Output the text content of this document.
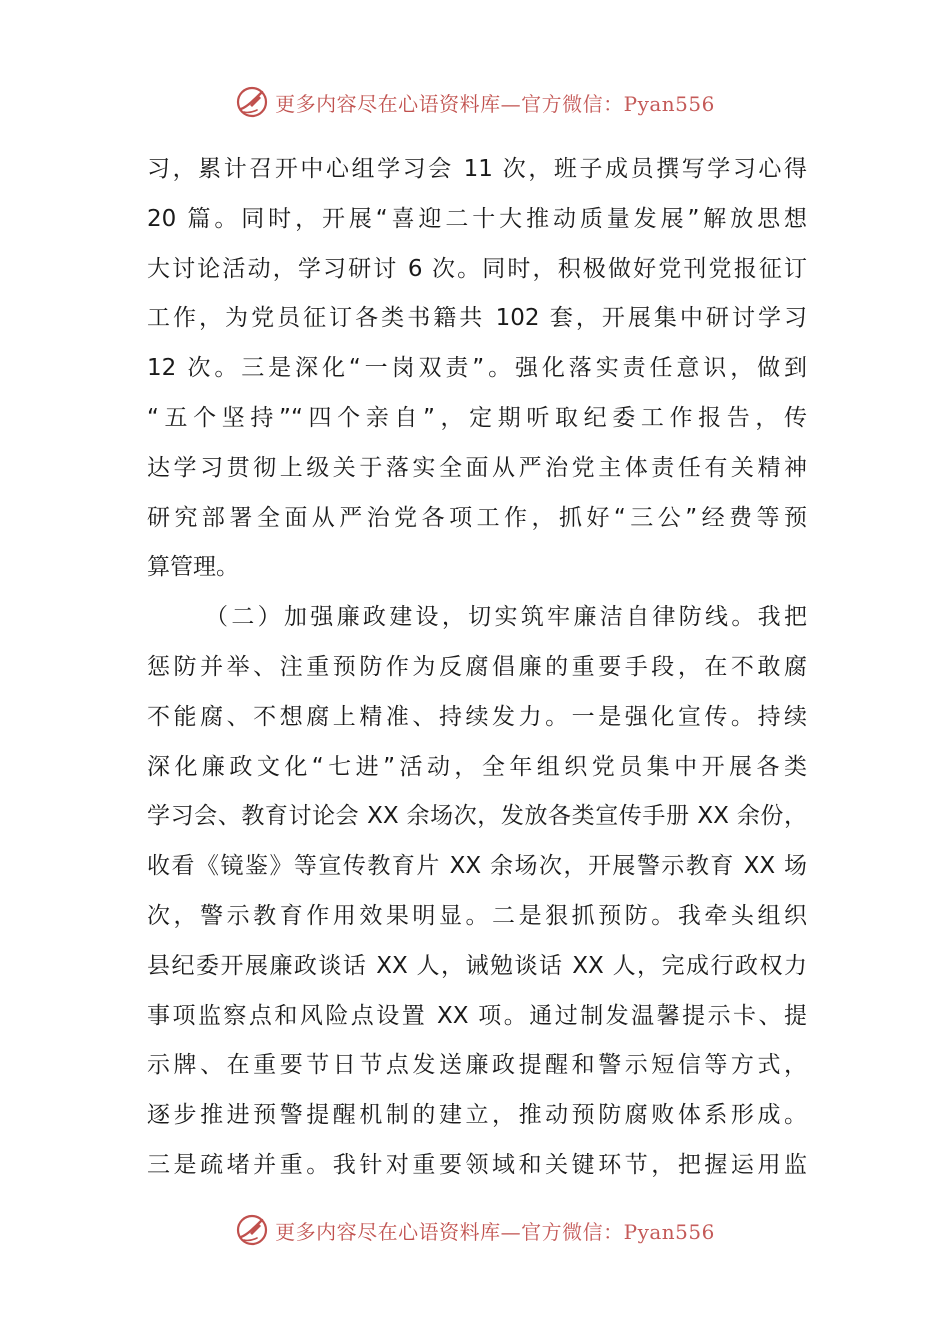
更多内容尽在心语资料库—官方微信：Pyan556
习，累计召开中心组学习会 11 次，班子成员撰写学习心得
20 篇。同时，开展“喜迎二十大推动质量发展”解放思想
大讨论活动，学习研讨 6 次。同时，积极做好党刊党报征订
工作，为党员征订各类书籍共 102 套，开展集中研讨学习
12 次。三是深化“一岗双责”。强化落实责任意识，做到
“五个坚持”“四个亲自”，定期听取纪委工作报告，传
达学习贯彻上级关于落实全面从严治党主体责任有关精神
研究部署全面从严治党各项工作，抓好“三公”经费等预
算管理。
（二）加强廉政建设，切实筑牢廉洁自律防线。我把
惩防并举、注重预防作为反腐倡廉的重要手段，在不敢腐
不能腐、不想腐上精准、持续发力。一是强化宣传。持续
深化廉政文化“七进”活动，全年组织党员集中开展各类
学习会、教育讨论会 XX 余场次，发放各类宣传手册 XX 余份，
收看《镜鉴》等宣传教育片 XX 余场次，开展警示教育 XX 场
次，警示教育作用效果明显。二是狠抓预防。我牵头组织
县纪委开展廉政谈话 XX 人，诫勉谈话 XX 人，完成行政权力
事项监察点和风险点设置 XX 项。通过制发温馨提示卡、提
示牌、在重要节日节点发送廉政提醒和警示短信等方式，
逐步推进预警提醒机制的建立，推动预防腐败体系形成。
三是疏堵并重。我针对重要领域和关键环节，把握运用监
更多内容尽在心语资料库—官方微信：Pyan556
